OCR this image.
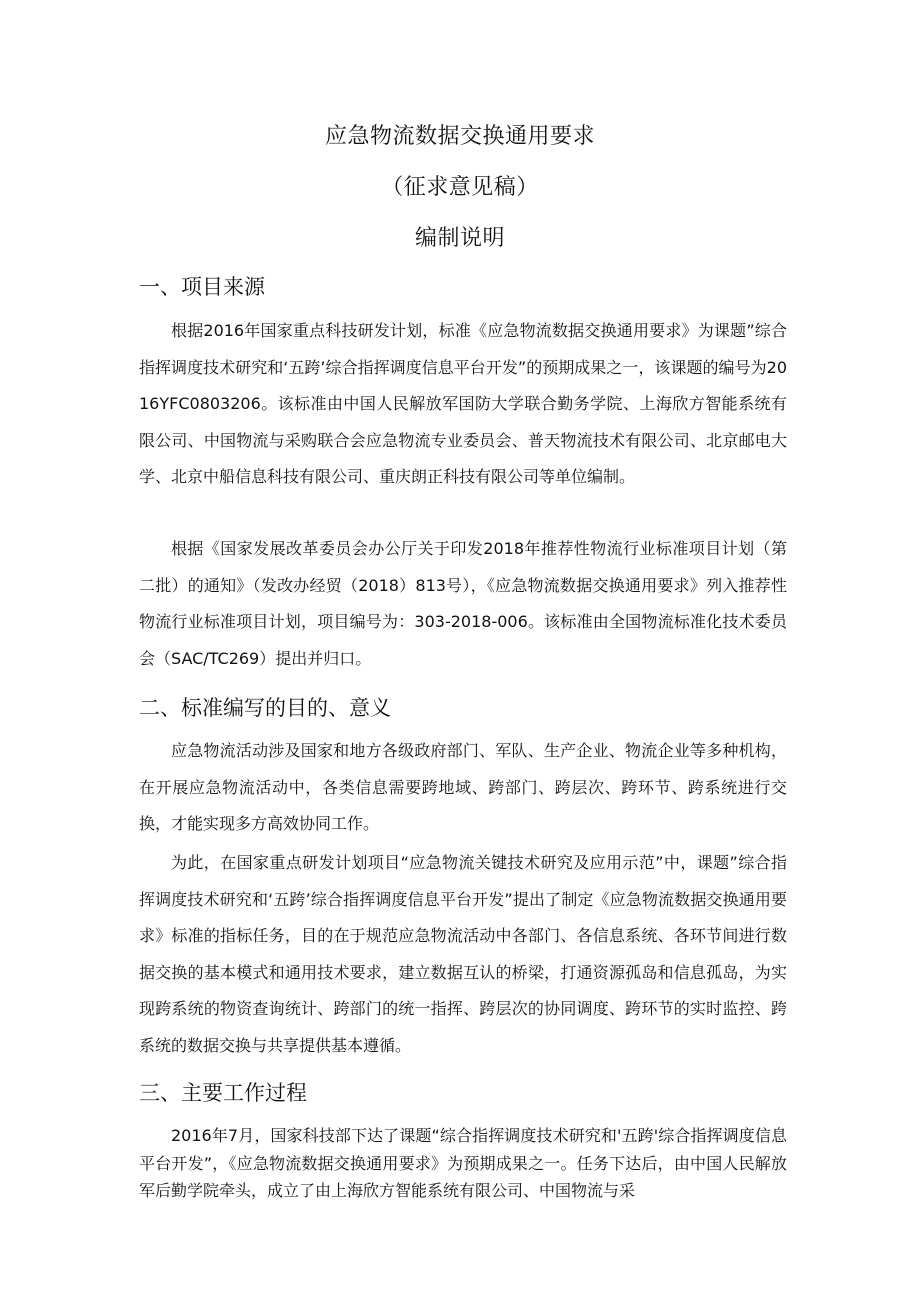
应急物流数据交换通用要求
（征求意见稿）
编制说明
一、项目来源

根据2016年国家重点科技研发计划，标准《应急物流数据交换通用要求》为课题”综合指挥调度技术研究和‘五跨’综合指挥调度信息平台开发”的预期成果之一，该课题的编号为2016YFC0803206。该标准由中国人民解放军国防大学联合勤务学院、上海欣方智能系统有限公司、中国物流与采购联合会应急物流专业委员会、普天物流技术有限公司、北京邮电大学、北京中船信息科技有限公司、重庆朗正科技有限公司等单位编制。

根据《国家发展改革委员会办公厅关于印发2018年推荐性物流行业标准项目计划（第二批）的通知》（发改办经贸（2018）813号），《应急物流数据交换通用要求》列入推荐性物流行业标准项目计划，项目编号为：303-2018-006。该标准由全国物流标准化技术委员会（SAC/TC269）提出并归口。

二、标准编写的目的、意义

应急物流活动涉及国家和地方各级政府部门、军队、生产企业、物流企业等多种机构，在开展应急物流活动中，各类信息需要跨地域、跨部门、跨层次、跨环节、跨系统进行交换，才能实现多方高效协同工作。

为此，在国家重点研发计划项目“应急物流关键技术研究及应用示范”中，课题”综合指挥调度技术研究和‘五跨’综合指挥调度信息平台开发”提出了制定《应急物流数据交换通用要求》标准的指标任务，目的在于规范应急物流活动中各部门、各信息系统、各环节间进行数据交换的基本模式和通用技术要求，建立数据互认的桥梁，打通资源孤岛和信息孤岛，为实现跨系统的物资查询统计、跨部门的统一指挥、跨层次的协同调度、跨环节的实时监控、跨系统的数据交换与共享提供基本遵循。

三、主要工作过程

2016年7月，国家科技部下达了课题“综合指挥调度技术研究和'五跨'综合指挥调度信息平台开发”，《应急物流数据交换通用要求》为预期成果之一。任务下达后，由中国人民解放军后勤学院牵头，成立了由上海欣方智能系统有限公司、中国物流与采
